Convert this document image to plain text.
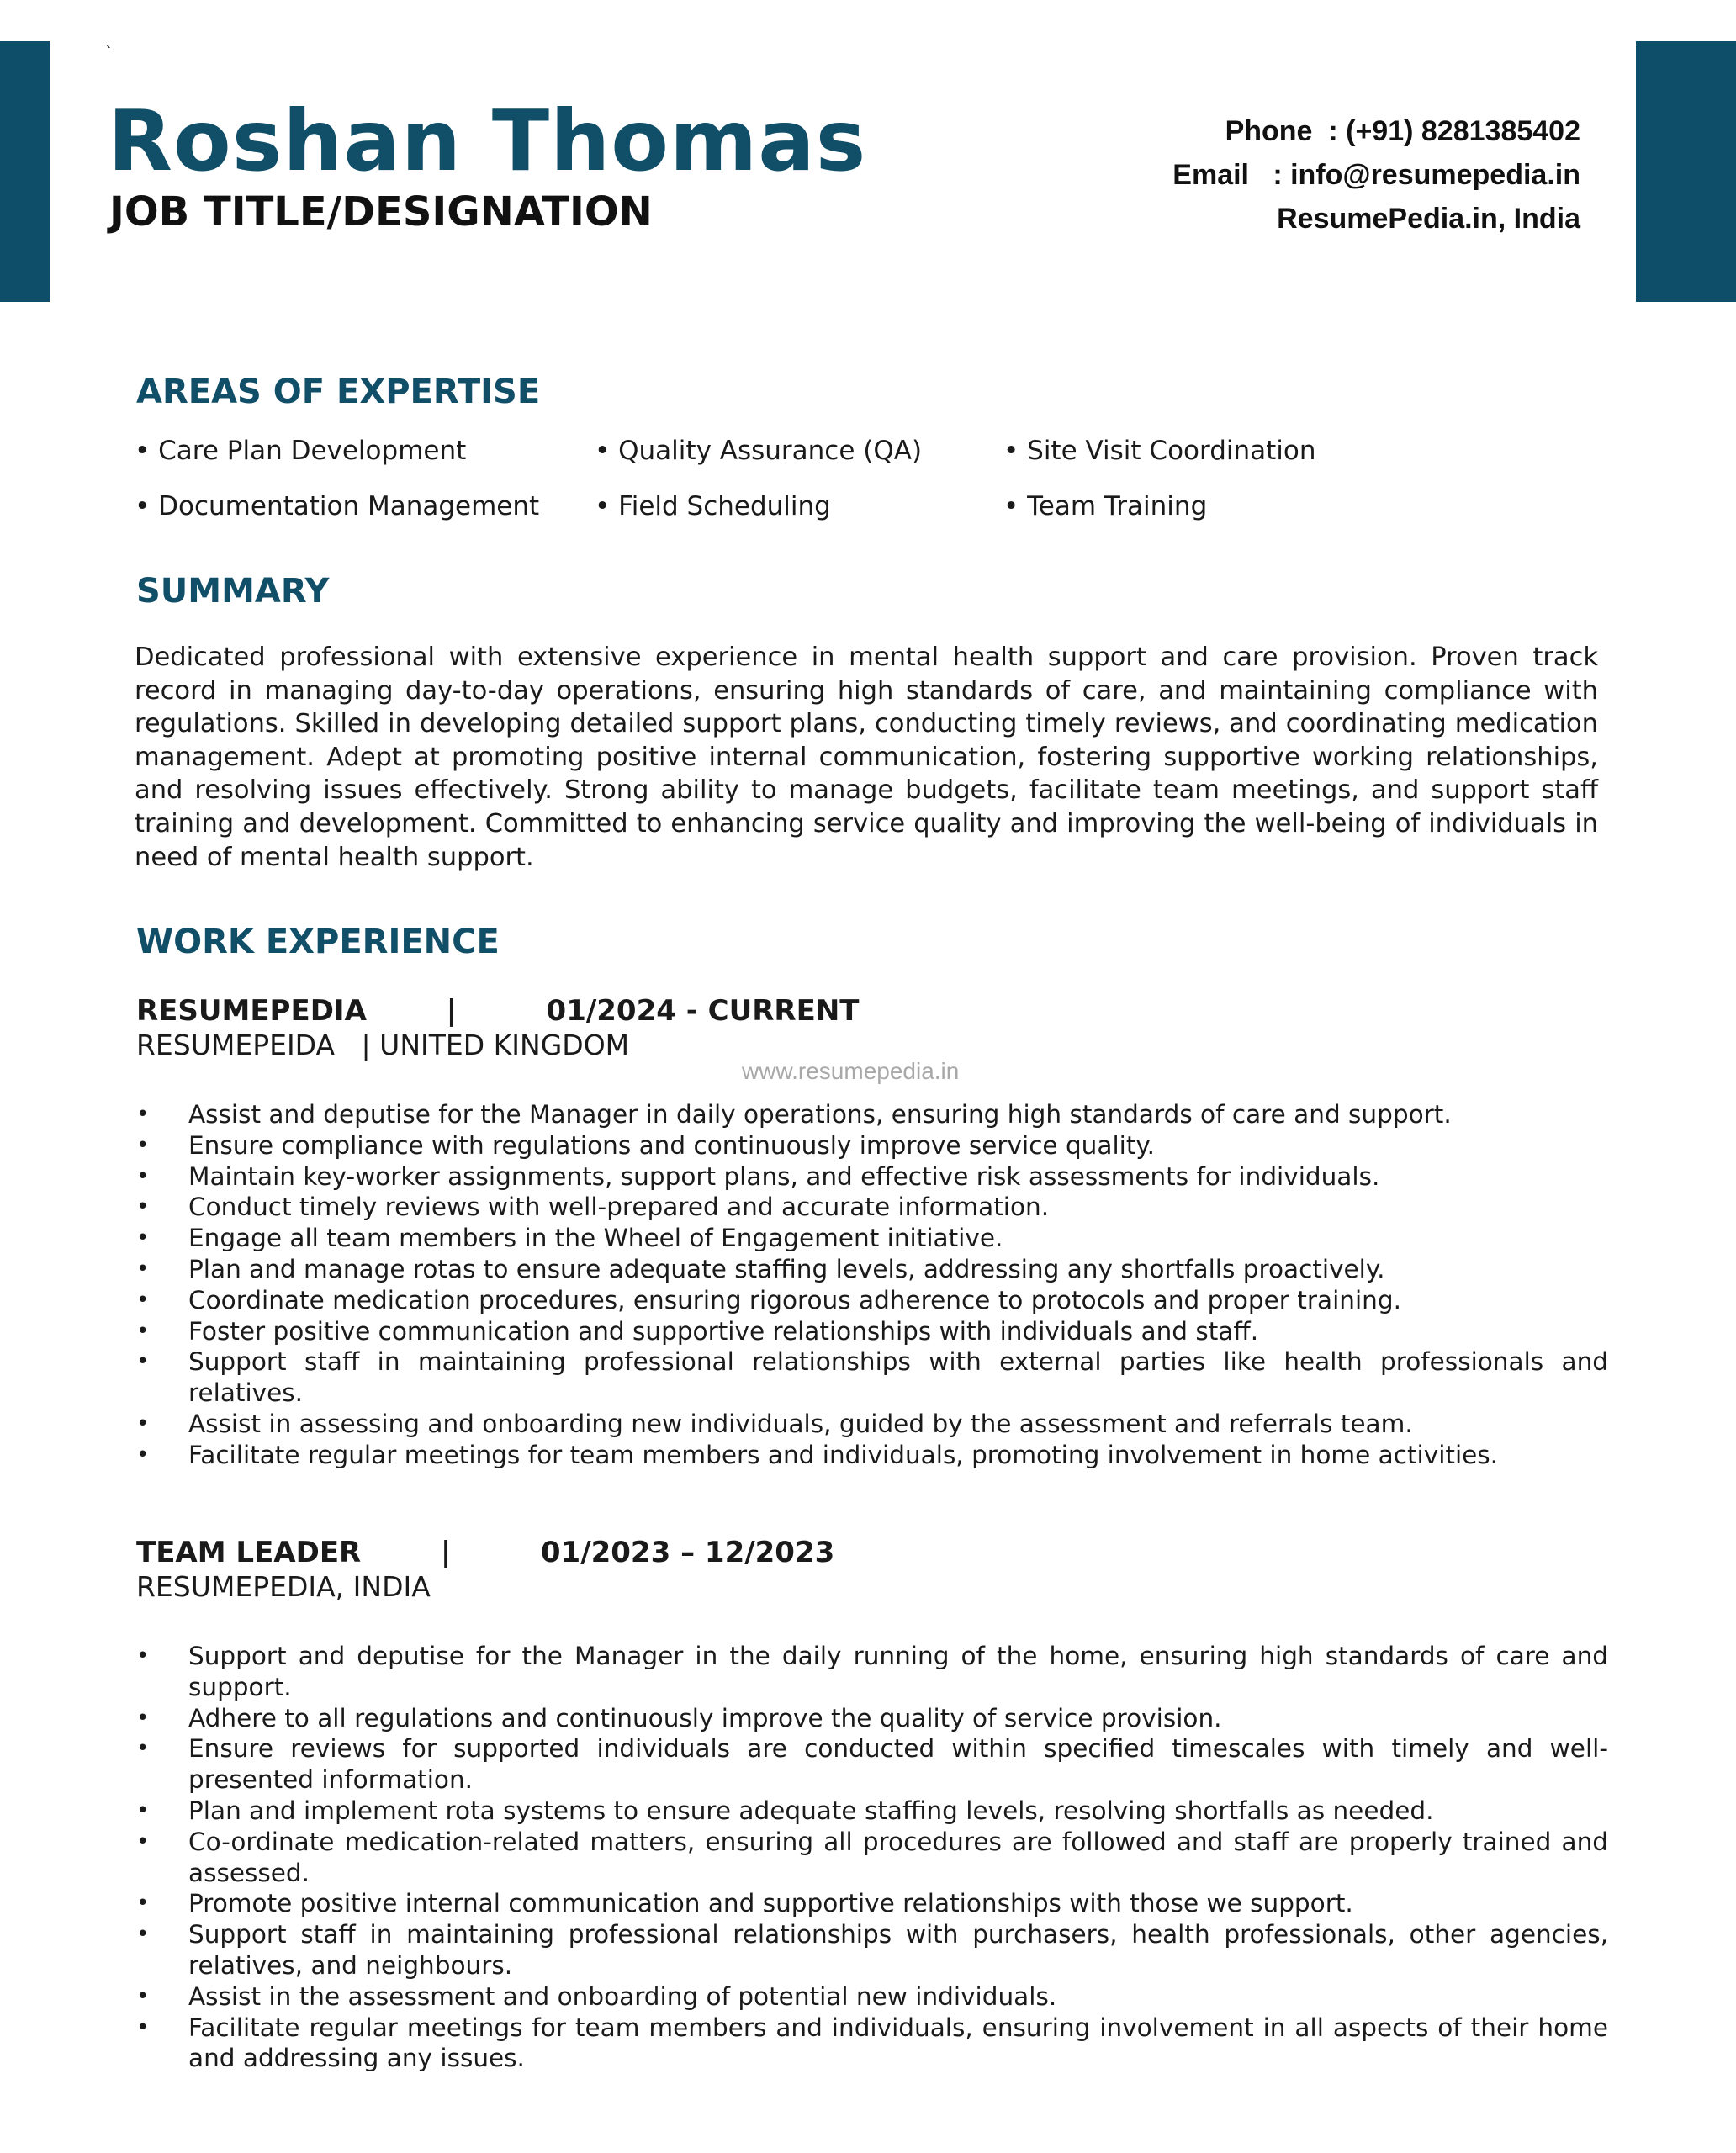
`
Roshan Thomas
JOB TITLE/DESIGNATION
Phone  : (+91) 8281385402
Email   : info@resumepedia.in
ResumePedia.in, India
AREAS OF EXPERTISE
• Care Plan Development	• Quality Assurance (QA)	• Site Visit Coordination
• Documentation Management • Field Scheduling	• Team Training
SUMMARY
Dedicated professional with extensive experience in mental health support and care provision. Proven track record in managing day-to-day operations, ensuring high standards of care, and maintaining compliance with regulations. Skilled in developing detailed support plans, conducting timely reviews, and coordinating medication management. Adept at promoting positive internal communication, fostering supportive working relationships, and resolving issues effectively. Strong ability to manage budgets, facilitate team meetings, and support staff training and development. Committed to enhancing service quality and improving the well-being of individuals in need of mental health support.
WORK EXPERIENCE
RESUMEPEDIA        |         01/2024 - CURRENT
RESUMEPEIDA   | UNITED KINGDOM
www.resumepedia.in
• Assist and deputise for the Manager in daily operations, ensuring high standards of care and support.
• Ensure compliance with regulations and continuously improve service quality.
• Maintain key-worker assignments, support plans, and effective risk assessments for individuals.
• Conduct timely reviews with well-prepared and accurate information.
• Engage all team members in the Wheel of Engagement initiative.
• Plan and manage rotas to ensure adequate staffing levels, addressing any shortfalls proactively.
• Coordinate medication procedures, ensuring rigorous adherence to protocols and proper training.
• Foster positive communication and supportive relationships with individuals and staff.
• Support staff in maintaining professional relationships with external parties like health professionals and relatives.
• Assist in assessing and onboarding new individuals, guided by the assessment and referrals team.
• Facilitate regular meetings for team members and individuals, promoting involvement in home activities.
TEAM LEADER        |         01/2023 – 12/2023
RESUMEPEDIA, INDIA
• Support and deputise for the Manager in the daily running of the home, ensuring high standards of care and support.
• Adhere to all regulations and continuously improve the quality of service provision.
• Ensure reviews for supported individuals are conducted within specified timescales with timely and well-presented information.
• Plan and implement rota systems to ensure adequate staffing levels, resolving shortfalls as needed.
• Co-ordinate medication-related matters, ensuring all procedures are followed and staff are properly trained and assessed.
• Promote positive internal communication and supportive relationships with those we support.
• Support staff in maintaining professional relationships with purchasers, health professionals, other agencies, relatives, and neighbours.
• Assist in the assessment and onboarding of potential new individuals.
• Facilitate regular meetings for team members and individuals, ensuring involvement in all aspects of their home and addressing any issues.
